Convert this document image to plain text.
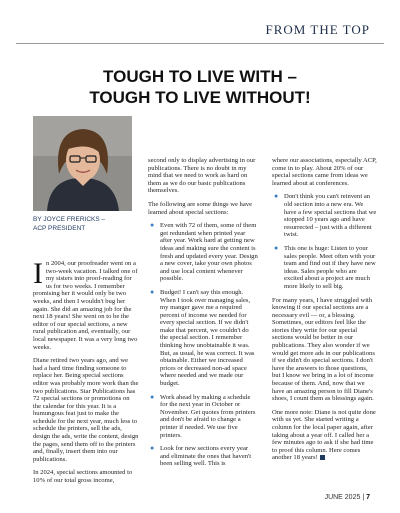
FROM THE TOP
TOUGH TO LIVE WITH –
TOUGH TO LIVE WITHOUT!
BY JOYCE FRERICKS –
ACP PRESIDENT

In 2004, our proofreader went on a two-week vacation. I talked one of my sisters into proof-reading for us for two weeks. I remember promising her it would only be two weeks, and then I wouldn't bug her again. She did an amazing job for the next 18 years! She went on to be the editor of our special sections, a new rural publication and, eventually, our local newspaper. It was a very long two weeks.

Diane retired two years ago, and we had a hard time finding someone to replace her. Being special sections editor was probably more work than the two publications. Star Publications has 72 special sections or promotions on the calendar for this year. It is a humungous feat just to make the schedule for the next year, much less to schedule the printers, sell the ads, design the ads, write the content, design the pages, send them off to the printers and, finally, insert them into our publications.

In 2024, special sections amounted to 10% of our total gross income,

second only to display advertising in our publications. There is no doubt in my mind that we need to work as hard on them as we do our basic publications themselves.

The following are some things we have learned about special sections:

● Even with 72 of them, some of them get redundant when printed year after year. Work hard at getting new ideas and making sure the content is fresh and updated every year. Design a new cover, take your own photos and use local content whenever possible.
● Budget! I can't say this enough. When I took over managing sales, my manger gave me a required percent of income we needed for every special section. If we didn't make that percent, we couldn't do the special section. I remember thinking how unobtainable it was. But, as usual, he was correct. It was obtainable. Either we increased prices or decreased non-ad space where needed and we made our budget.
● Work ahead by making a schedule for the next year in October or November. Get quotes from printers and don't be afraid to change a printer if needed. We use five printers.
● Look for new sections every year and eliminate the ones that haven't been selling well. This is

where our associations, especially ACP, come in to play. About 20% of our special sections came from ideas we learned about at conferences.

● Don't think you can't reinvent an old section into a new era. We have a few special sections that we stopped 10 years ago and have resurrected – just with a different twist.
● This one is huge: Listen to your sales people. Meet often with your team and find out if they have new ideas. Sales people who are excited about a project are much more likely to sell big.

For many years, I have struggled with knowing if our special sections are a necessary evil — or, a blessing. Sometimes, our editors feel like the stories they write for our special sections would be better in our publications. They also wonder if we would get more ads in our publications if we didn't do special sections. I don't have the answers to those questions, but I know we bring in a lot of income because of them. And, now that we have an amazing person to fill Diane's shoes, I count them as blessings again.

One more note: Diane is not quite done with us yet. She started writing a column for the local paper again, after taking about a year off. I called her a few minutes ago to ask if she had time to proof this column. Here comes another 18 years!

JUNE 2025 | 7
